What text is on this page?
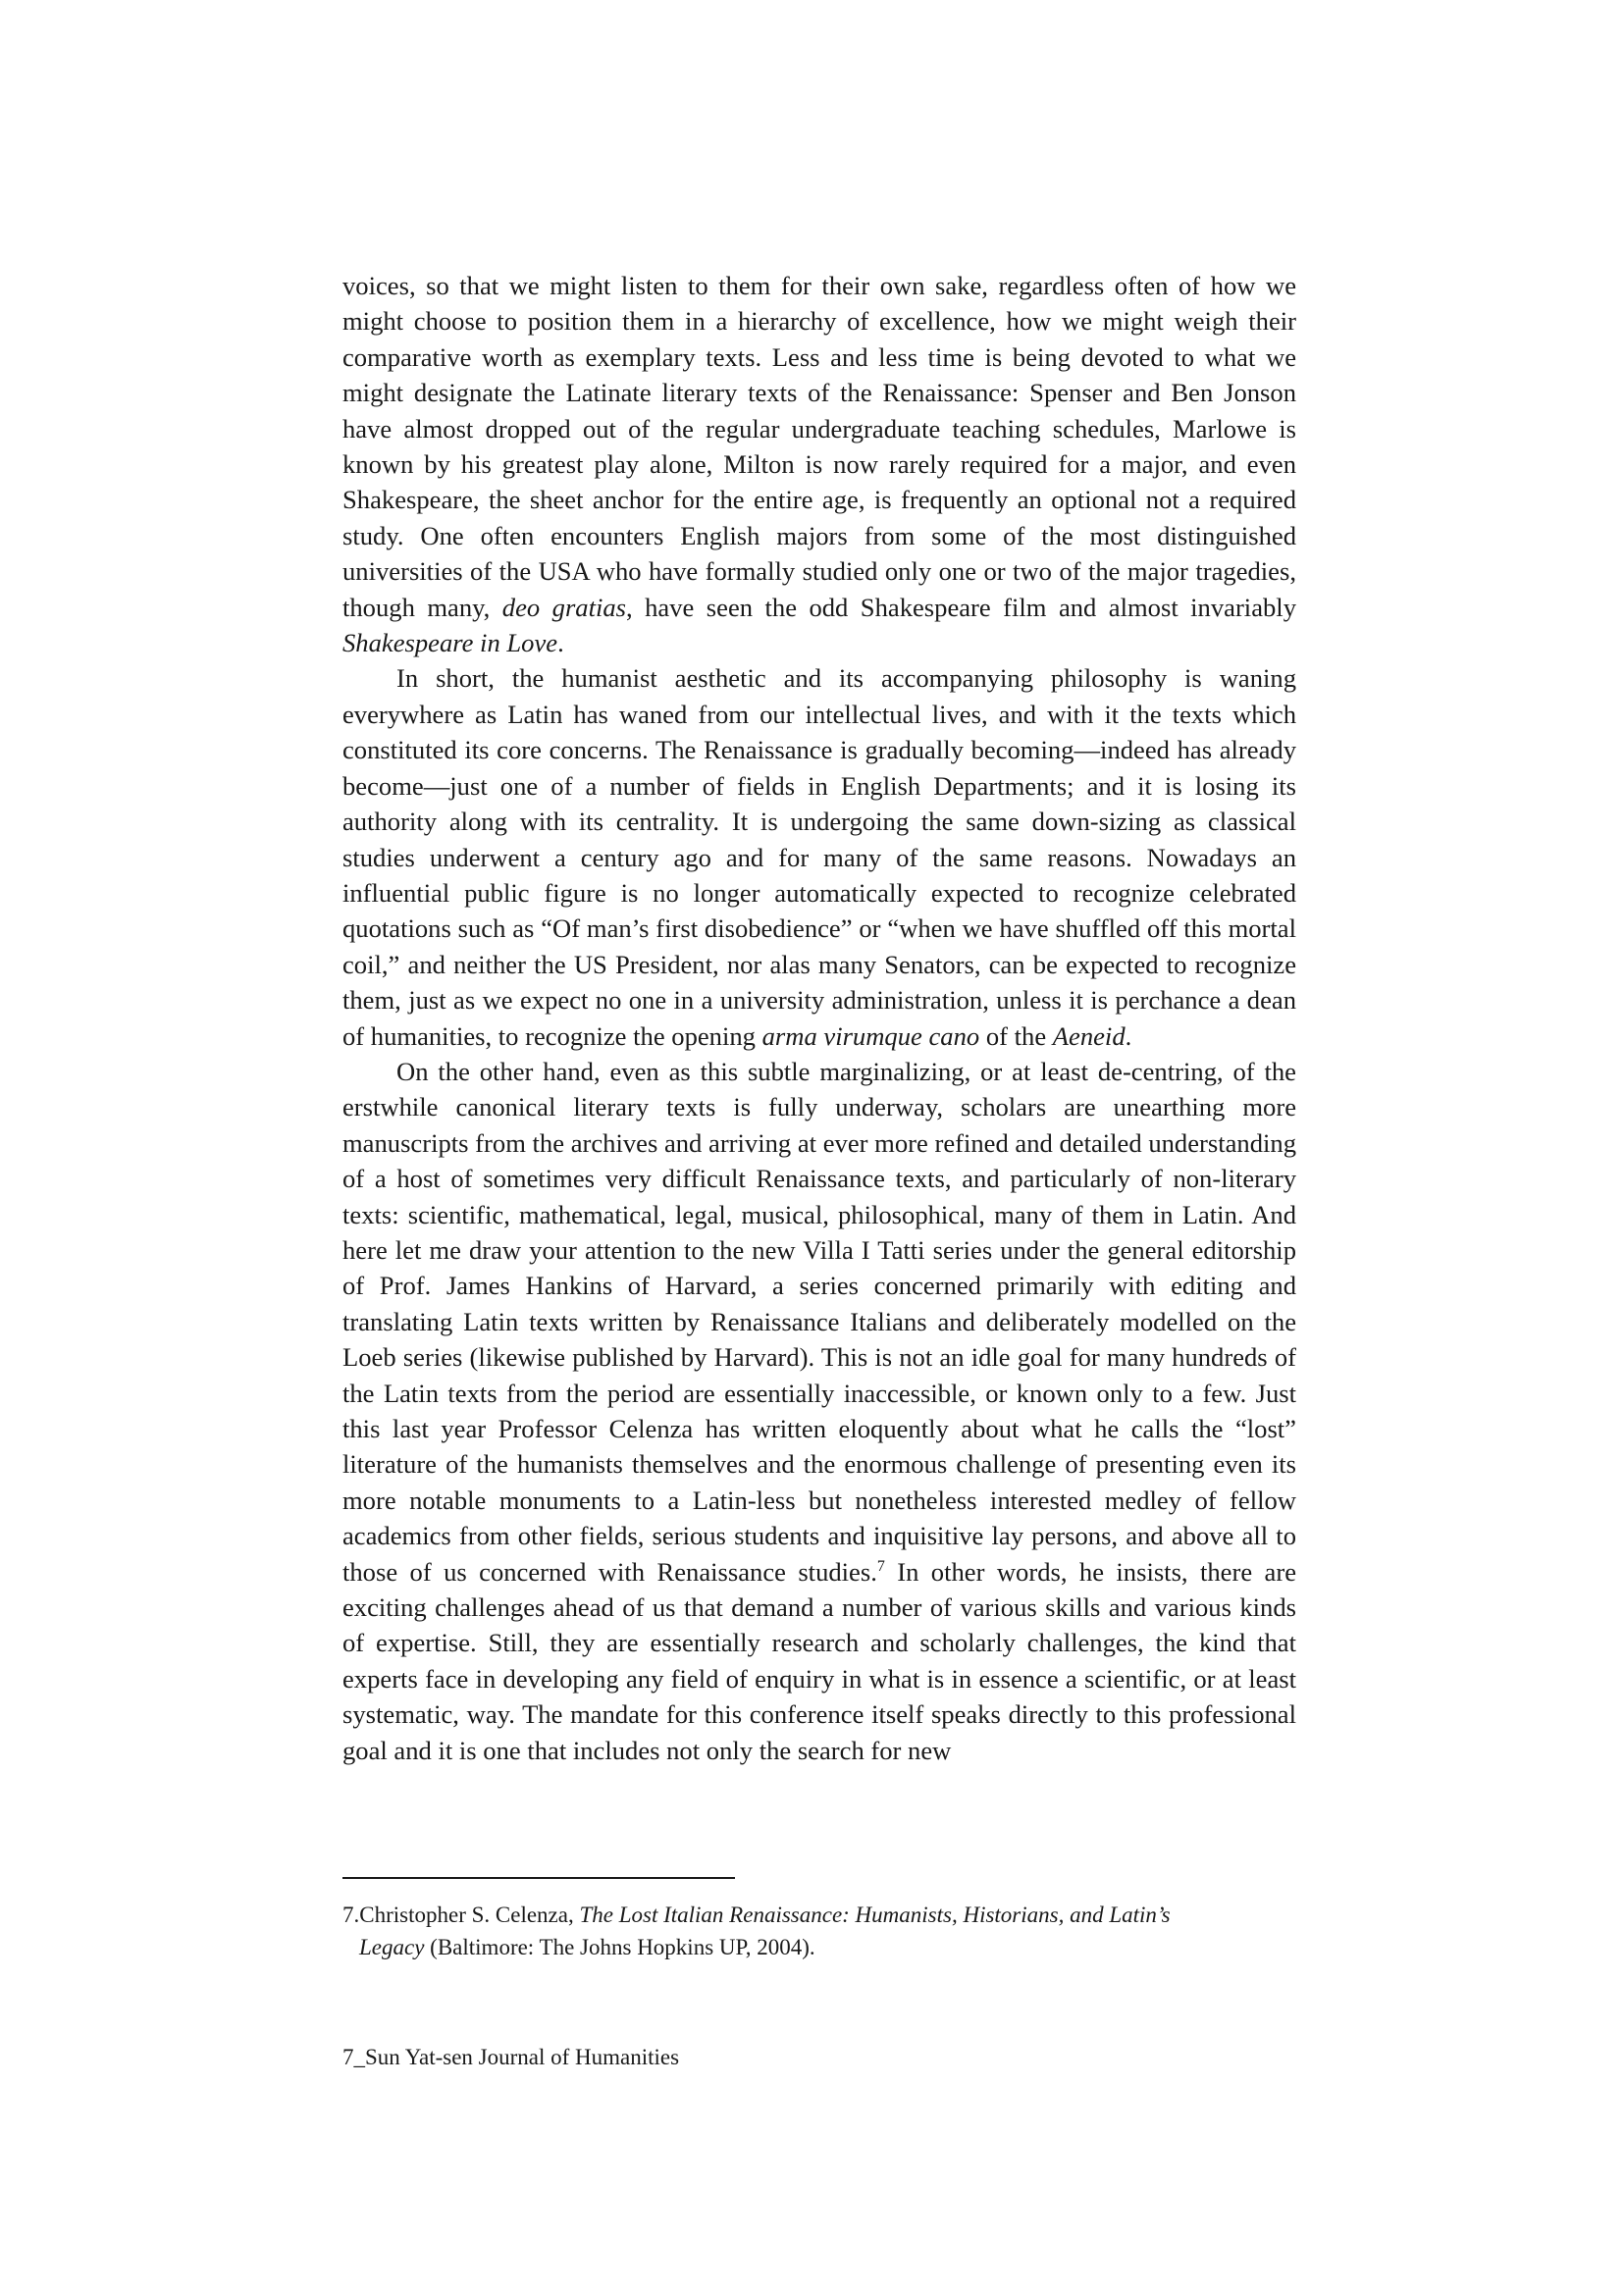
voices, so that we might listen to them for their own sake, regardless often of how we might choose to position them in a hierarchy of excellence, how we might weigh their comparative worth as exemplary texts. Less and less time is being devoted to what we might designate the Latinate literary texts of the Renaissance: Spenser and Ben Jonson have almost dropped out of the regular undergraduate teaching schedules, Marlowe is known by his greatest play alone, Milton is now rarely required for a major, and even Shakespeare, the sheet anchor for the entire age, is frequently an optional not a required study. One often encounters English majors from some of the most distinguished universities of the USA who have formally studied only one or two of the major tragedies, though many, deo gratias, have seen the odd Shakespeare film and almost invariably Shakespeare in Love.

In short, the humanist aesthetic and its accompanying philosophy is waning everywhere as Latin has waned from our intellectual lives, and with it the texts which constituted its core concerns. The Renaissance is gradually becoming—indeed has already become—just one of a number of fields in English Departments; and it is losing its authority along with its centrality. It is undergoing the same down-sizing as classical studies underwent a century ago and for many of the same reasons. Nowadays an influential public figure is no longer automatically expected to recognize celebrated quotations such as “Of man’s first disobedience” or “when we have shuffled off this mortal coil,” and neither the US President, nor alas many Senators, can be expected to recognize them, just as we expect no one in a university administration, unless it is perchance a dean of humanities, to recognize the opening arma virumque cano of the Aeneid.

On the other hand, even as this subtle marginalizing, or at least de-centring, of the erstwhile canonical literary texts is fully underway, scholars are unearthing more manuscripts from the archives and arriving at ever more refined and detailed understanding of a host of sometimes very difficult Renaissance texts, and particularly of non-literary texts: scientific, mathematical, legal, musical, philosophical, many of them in Latin. And here let me draw your attention to the new Villa I Tatti series under the general editorship of Prof. James Hankins of Harvard, a series concerned primarily with editing and translating Latin texts written by Renaissance Italians and deliberately modelled on the Loeb series (likewise published by Harvard). This is not an idle goal for many hundreds of the Latin texts from the period are essentially inaccessible, or known only to a few. Just this last year Professor Celenza has written eloquently about what he calls the “lost” literature of the humanists themselves and the enormous challenge of presenting even its more notable monuments to a Latin-less but nonetheless interested medley of fellow academics from other fields, serious students and inquisitive lay persons, and above all to those of us concerned with Renaissance studies.$^7$ In other words, he insists, there are exciting challenges ahead of us that demand a number of various skills and various kinds of expertise. Still, they are essentially research and scholarly challenges, the kind that experts face in developing any field of enquiry in what is in essence a scientific, or at least systematic, way. The mandate for this conference itself speaks directly to this professional goal and it is one that includes not only the search for new

7.Christopher S. Celenza, The Lost Italian Renaissance: Humanists, Historians, and Latin’s
Legacy (Baltimore: The Johns Hopkins UP, 2004).
7_Sun Yat-sen Journal of Humanities
